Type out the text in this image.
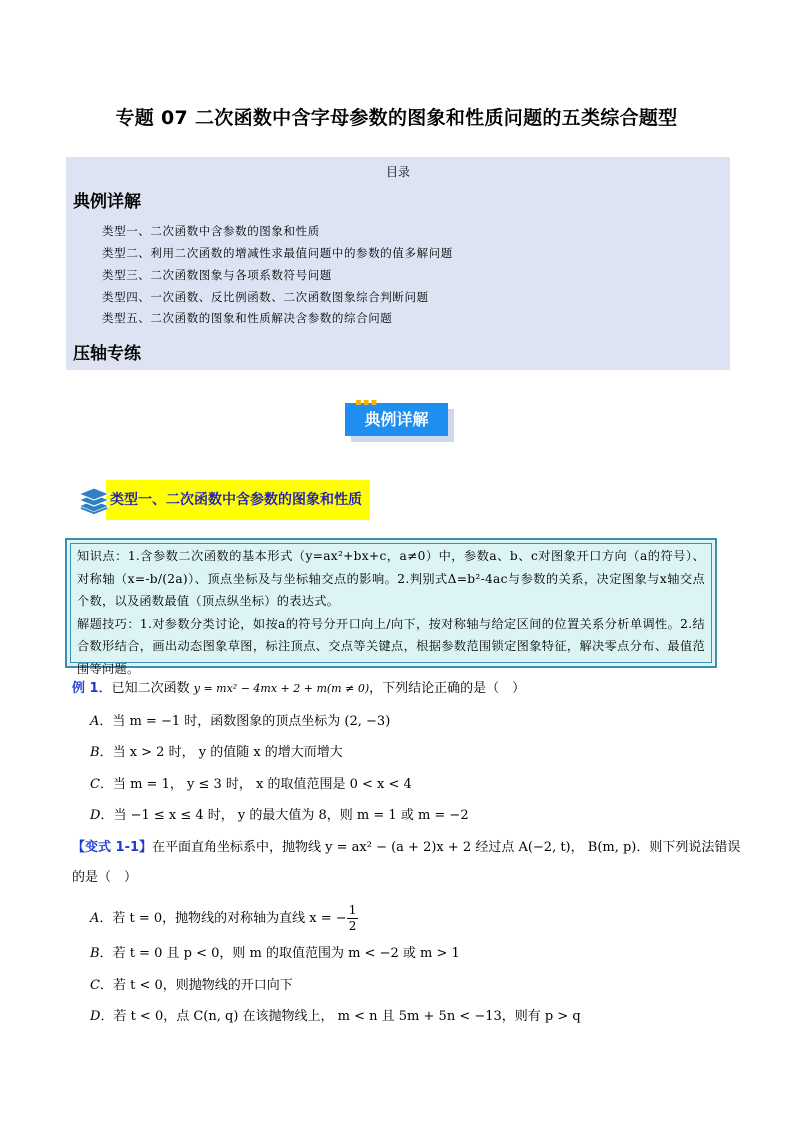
专题 07 二次函数中含字母参数的图象和性质问题的五类综合题型
目录
典例详解
类型一、二次函数中含参数的图象和性质
类型二、利用二次函数的增减性求最值问题中的参数的值多解问题
类型三、二次函数图象与各项系数符号问题
类型四、一次函数、反比例函数、二次函数图象综合判断问题
类型五、二次函数的图象和性质解决含参数的综合问题
压轴专练
典例详解
▪▪▪
类型一、二次函数中含参数的图象和性质
知识点：1.含参数二次函数的基本形式（y=ax²+bx+c，a≠0）中，参数a、b、c对图象开口方向（a的符号）、对称轴（x=-b/(2a)）、顶点坐标及与坐标轴交点的影响。2.判别式Δ=b²-4ac与参数的关系，决定图象与x轴交点个数，以及函数最值（顶点纵坐标）的表达式。
解题技巧：1.对参数分类讨论，如按a的符号分开口向上/向下，按对称轴与给定区间的位置关系分析单调性。2.结合数形结合，画出动态图象草图，标注顶点、交点等关键点，根据参数范围锁定图象特征，解决零点分布、最值范围等问题。
例 1．已知二次函数 y = mx² − 4mx + 2 + m(m ≠ 0)，下列结论正确的是（　）
A．当 m = −1 时，函数图象的顶点坐标为 (2, −3)
B．当 x > 2 时， y 的值随 x 的增大而增大
C．当 m = 1， y ≤ 3 时， x 的取值范围是 0 < x < 4
D．当 −1 ≤ x ≤ 4 时， y 的最大值为 8，则 m = 1 或 m = −2
【变式 1-1】在平面直角坐标系中，抛物线 y = ax² − (a + 2)x + 2 经过点 A(−2, t)， B(m, p)．则下列说法错误
的是（　）
A．若 t = 0，抛物线的对称轴为直线 x = − $\frac{1}{2}$
B．若 t = 0 且 p < 0，则 m 的取值范围为 m < −2 或 m > 1
C．若 t < 0，则抛物线的开口向下
D．若 t < 0，点 C(n, q) 在该抛物线上， m < n 且 5m + 5n < −13，则有 p > q
